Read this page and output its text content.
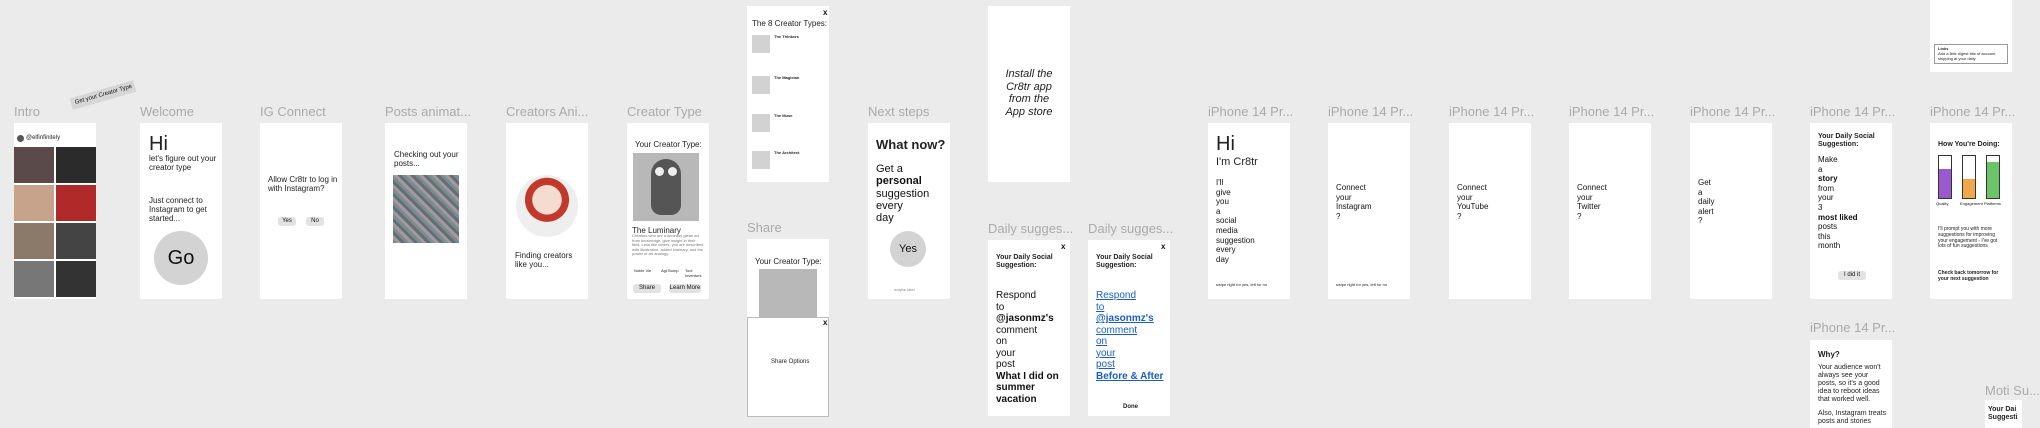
Get your Creator Type
Intro	Welcome	IG Connect	Posts animat...	Creators Ani...	Creator Type
Share
Next steps
Daily sugges... Daily sugges...
iPhone 14 Pr...	iPhone 14 Pr...	iPhone 14 Pr...	iPhone 14 Pr...	iPhone 14 Pr...	iPhone 14 Pr...	iPhone 14 Pr...
iPhone 14 Pr...
Moti Su...
@elfinfinitely	Hi
let's figure out your creator type
Just connect to Instagram to get started...
Go
Allow Cr8tr to log in with Instagram?
Yes	No
Checking out your posts...
Finding creators like you...
Your Creator Type:
The Luminary
Creators who are a luminary glean art from knowledge, give insight in their field. Less like others, you are described with illustration, added luminary, and the power of art analogy.
Noble Vie Agt Bump Tool Inventors
Share	Learn More
x
The 8 Creator Types:
The Thinkers
The Magician
The Muse
The Architect
Your Creator Type:
x
Share Options
Install the Cr8tr app from the App store
What now?
Get a
personal
suggestion
every
day
Yes
maybe later
x
Your Daily Social Suggestion:
Respond
to
@jasonmz's
comment
on
your
post
What I did on summer vacation
x
Your Daily Social Suggestion:
Respond
to
@jasonmz's
comment
on
your
post
Before & After
Done
Hi
I'm Cr8tr
I'll
give
you
a
social
media
suggestion
every
day
swipe right for yes, left for no
Connect
your
Instagram
?
swipe right for yes, left for no
Connect
your
YouTube
?
Connect
your
Twitter
?
Get
a
daily
alert
?
Your Daily Social Suggestion:
Make
a
story
from
your
3
most liked
posts
this
month
I did it
How You're Doing:
Quality	Engagement Platforms
I'll prompt you with more suggestions for improving your engagement - I've got lots of fun suggestions
Check back tomorrow for your next suggestion
Why?
Your audience won't always see your posts, so it's a good idea to reboot ideas that worked well.
Also, Instagram treats posts and stories
Links
Add a little digest title of account shipping at your daily
Your Dai Suggesti
